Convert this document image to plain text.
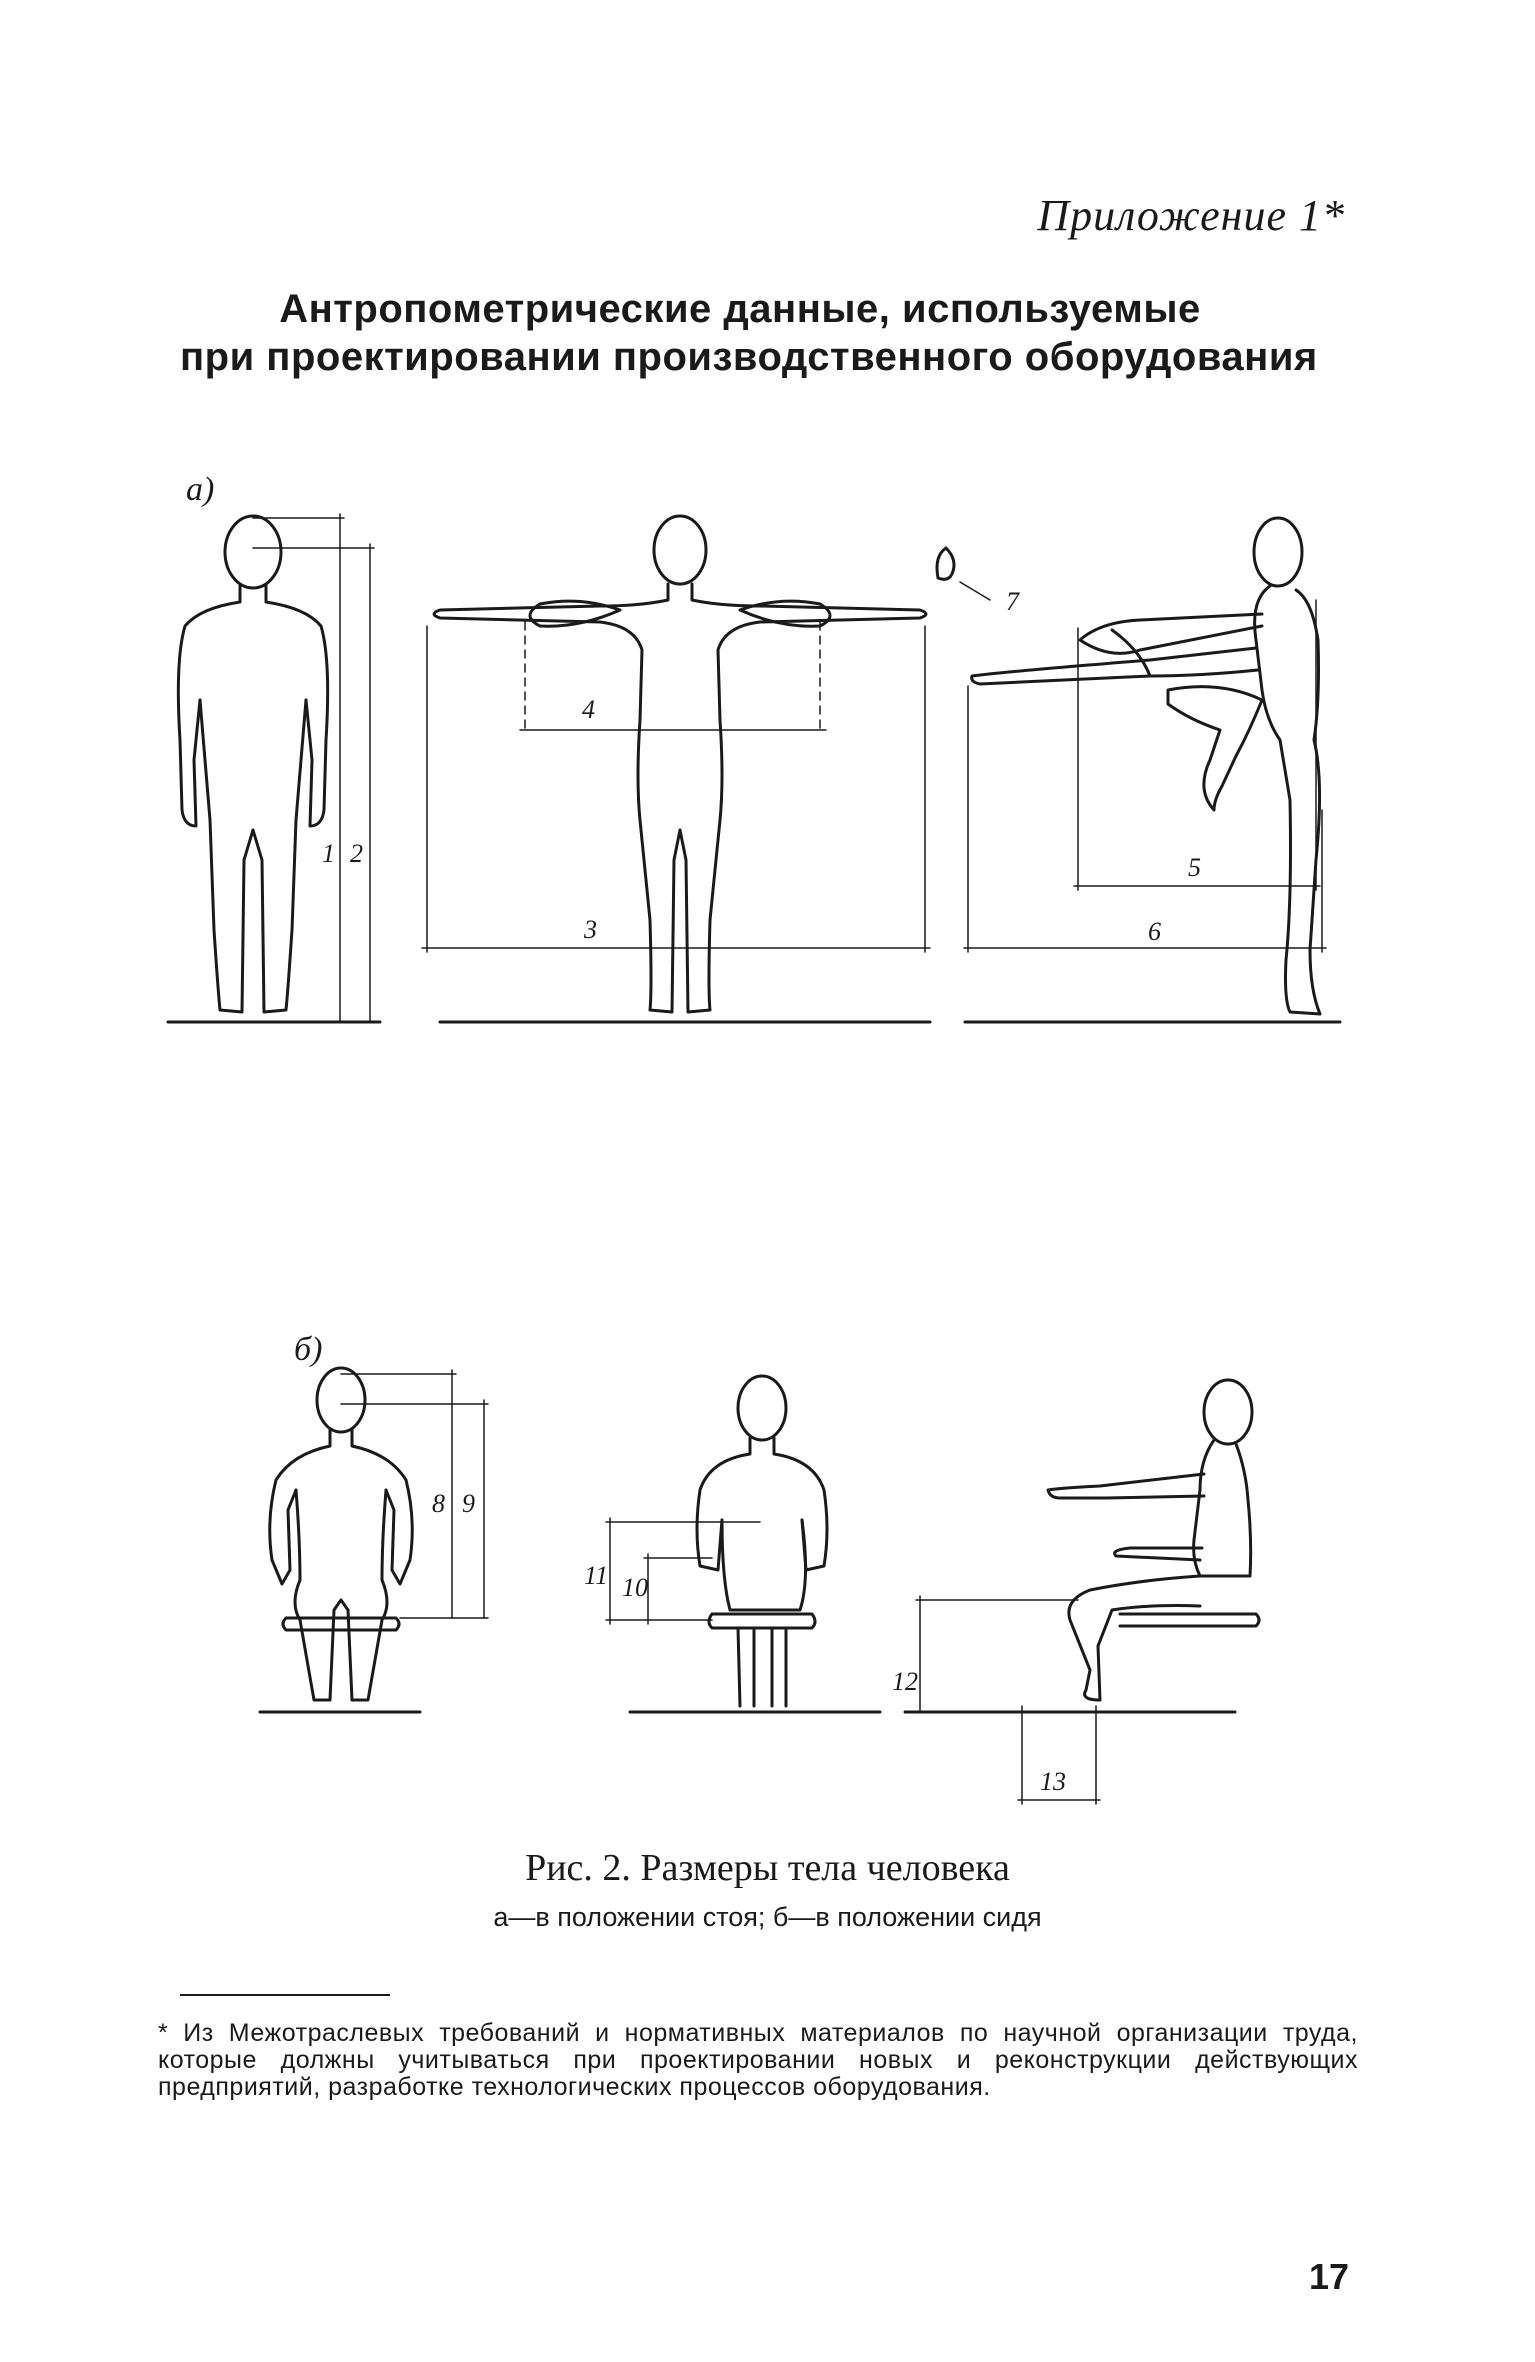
Приложение 1*
Антропометрические данные, используемые
при проектировании производственного оборудования
а)
1 2
4
3
7
5
6
б)
8 9
11 10
12
13
Рис. 2. Размеры тела человека
а—в положении стоя; б—в положении сидя
* Из Межотраслевых требований и нормативных материалов по научной организации труда, которые должны учитываться при проектировании новых и реконструкции действующих предприятий, разработке технологических процессов оборудования.
17
